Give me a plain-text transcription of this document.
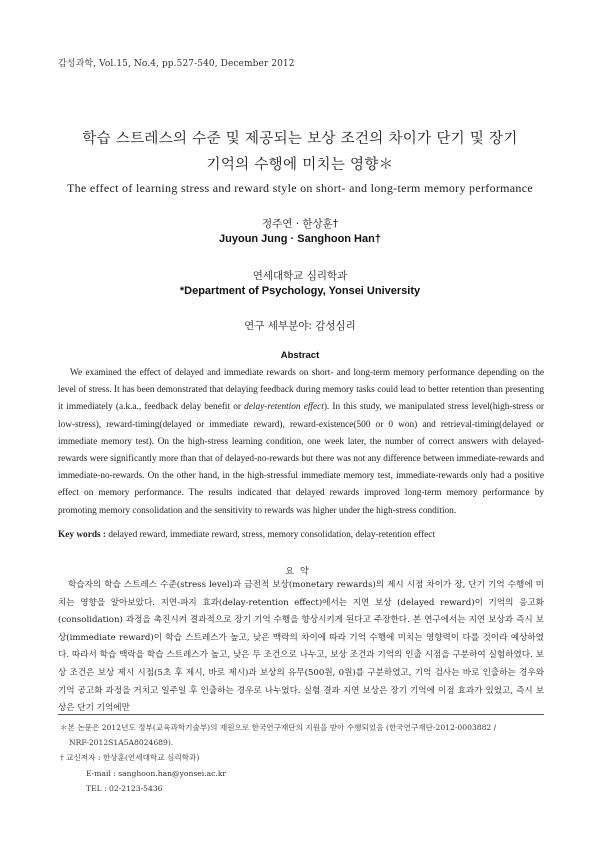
감성과학, Vol.15, No.4, pp.527-540, December 2012
학습 스트레스의 수준 및 제공되는 보상 조건의 차이가 단기 및 장기
기억의 수행에 미치는 영향＊
The effect of learning stress and reward style on short- and long-term memory performance
정주연 · 한상훈†
Juyoun Jung · Sanghoon Han†
연세대학교 심리학과
*Department of Psychology, Yonsei University
연구 세부분야: 감성심리
Abstract

We examined the effect of delayed and immediate rewards on short- and long-term memory performance depending on the level of stress. It has been demonstrated that delaying feedback during memory tasks could lead to better retention than presenting it immediately (a.k.a., feedback delay benefit or delay-retention effect). In this study, we manipulated stress level(high-stress or low-stress), reward-timing(delayed or immediate reward), reward-existence(500 or 0 won) and retrieval-timing(delayed or immediate memory test). On the high-stress learning condition, one week later, the number of correct answers with delayed-rewards were significantly more than that of delayed-no-rewards but there was not any difference between immediate-rewards and immediate-no-rewards. On the other hand, in the high-stressful immediate memory test, immediate-rewards only had a positive effect on memory performance. The results indicated that delayed rewards improved long-term memory performance by promoting memory consolidation and the sensitivity to rewards was higher under the high-stress condition.

Key words : delayed reward, immediate reward, stress, memory consolidation, delay-retention effect

요약

학습자의 학습 스트레스 수준(stress level)과 금전적 보상(monetary rewards)의 제시 시점 차이가 장, 단기 기억 수행에 미치는 영향을 알아보았다. 지연-파지 효과(delay-retention effect)에서는 지연 보상 (delayed reward)이 기억의 응고화(consolidation) 과정을 촉진시켜 결과적으로 장기 기억 수행을 향상시키게 된다고 주장한다. 본 연구에서는 지연 보상과 즉시 보상(immediate reward)이 학습 스트레스가 높고, 낮은 맥락의 차이에 따라 기억 수행에 미치는 영향력이 다를 것이라 예상하였다. 따라서 학습 맥락을 학습 스트레스가 높고, 낮은 두 조건으로 나누고, 보상 조건과 기억의 인출 시점을 구분하여 실험하였다. 보상 조건은 보상 제시 시점(5초 후 제시, 바로 제시)과 보상의 유무(500원, 0원)를 구분하였고, 기억 검사는 바로 인출하는 경우와 기억 공고화 과정을 거치고 일주일 후 인출하는 경우로 나누었다. 실험 결과 지연 보상은 장기 기억에 이점 효과가 있었고, 즉시 보상은 단기 기억에만

＊본 논문은 2012년도 정부(교육과학기술부)의 재원으로 한국연구재단의 지원을 받아 수행되었음 (한국연구재단-2012-0003882 /
NRF-2012S1A5A8024689).
† 교신저자 : 한상훈(연세대학교 심리학과)
E-mail : sanghoon.han@yonsei.ac.kr
TEL : 02-2123-5436
